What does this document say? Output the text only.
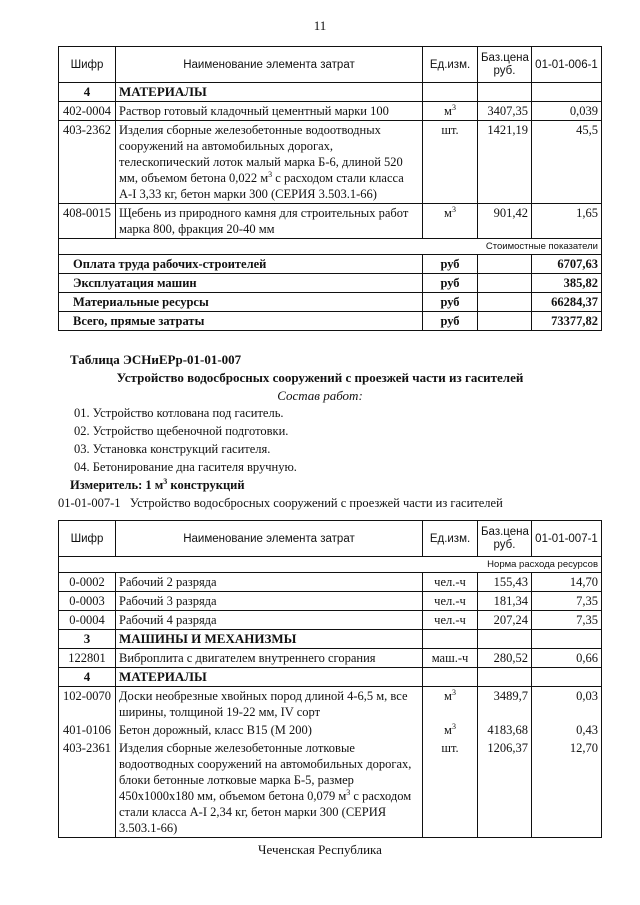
11
Шифр	Наименование элемента затрат	Ед.изм.	Баз.цена руб.	01-01-006-1
4	МАТЕРИАЛЫ			
402-0004	Раствор готовый кладочный цементный марки 100	$м^3$	3407,35	0,039
403-2362	Изделия сборные железобетонные водоотводных сооружений на автомобильных дорогах, телескопический лоток малый марка Б-6, длиной 520 мм, объемом бетона 0,022 $м^3$ с расходом стали класса А-I 3,33 кг, бетон марки 300 (СЕРИЯ 3.503.1-66)	шт.	1421,19	45,5
408-0015	Щебень из природного камня для строительных работ марка 800, фракция 20-40 мм	$м^3$	901,42	1,65
Стоимостные показатели				
Оплата труда рабочих-строителей		руб		6707,63
Эксплуатация машин		руб		385,82
Материальные ресурсы		руб		66284,37
Всего, прямые затраты		руб		73377,82
Таблица ЭСНиЕРр-01-01-007
Устройство водосбросных сооружений с проезжей части из гасителей
Состав работ:
01. Устройство котлована под гаситель.
02. Устройство щебеночной подготовки.
03. Установка конструкций гасителя.
04. Бетонирование дна гасителя вручную.
Измеритель: 1 $м^3$ конструкций
01-01-007-1   Устройство водосбросных сооружений с проезжей части из гасителей
Шифр	Наименование элемента затрат	Ед.изм.	Баз.цена руб.	01-01-007-1
Норма расхода ресурсов				
0-0002	Рабочий 2 разряда	чел.-ч	155,43	14,70
0-0003	Рабочий 3 разряда	чел.-ч	181,34	7,35
0-0004	Рабочий 4 разряда	чел.-ч	207,24	7,35
3	МАШИНЫ И МЕХАНИЗМЫ			
122801	Виброплита с двигателем внутреннего сгорания	маш.-ч	280,52	0,66
4	МАТЕРИАЛЫ			
102-0070	Доски необрезные хвойных пород длиной 4-6,5 м, все ширины, толщиной 19-22 мм, IV сорт	$м^3$	3489,7	0,03
401-0106	Бетон дорожный, класс В15 (М 200)	$м^3$	4183,68	0,43
403-2361	Изделия сборные железобетонные лотковые водоотводных сооружений на автомобильных дорогах, блоки бетонные лотковые марка Б-5, размер 450х1000х180 мм, объемом бетона 0,079 $м^3$ с расходом стали класса А-I 2,34 кг, бетон марки 300 (СЕРИЯ 3.503.1-66)	шт.	1206,37	12,70
Чеченская Республика
